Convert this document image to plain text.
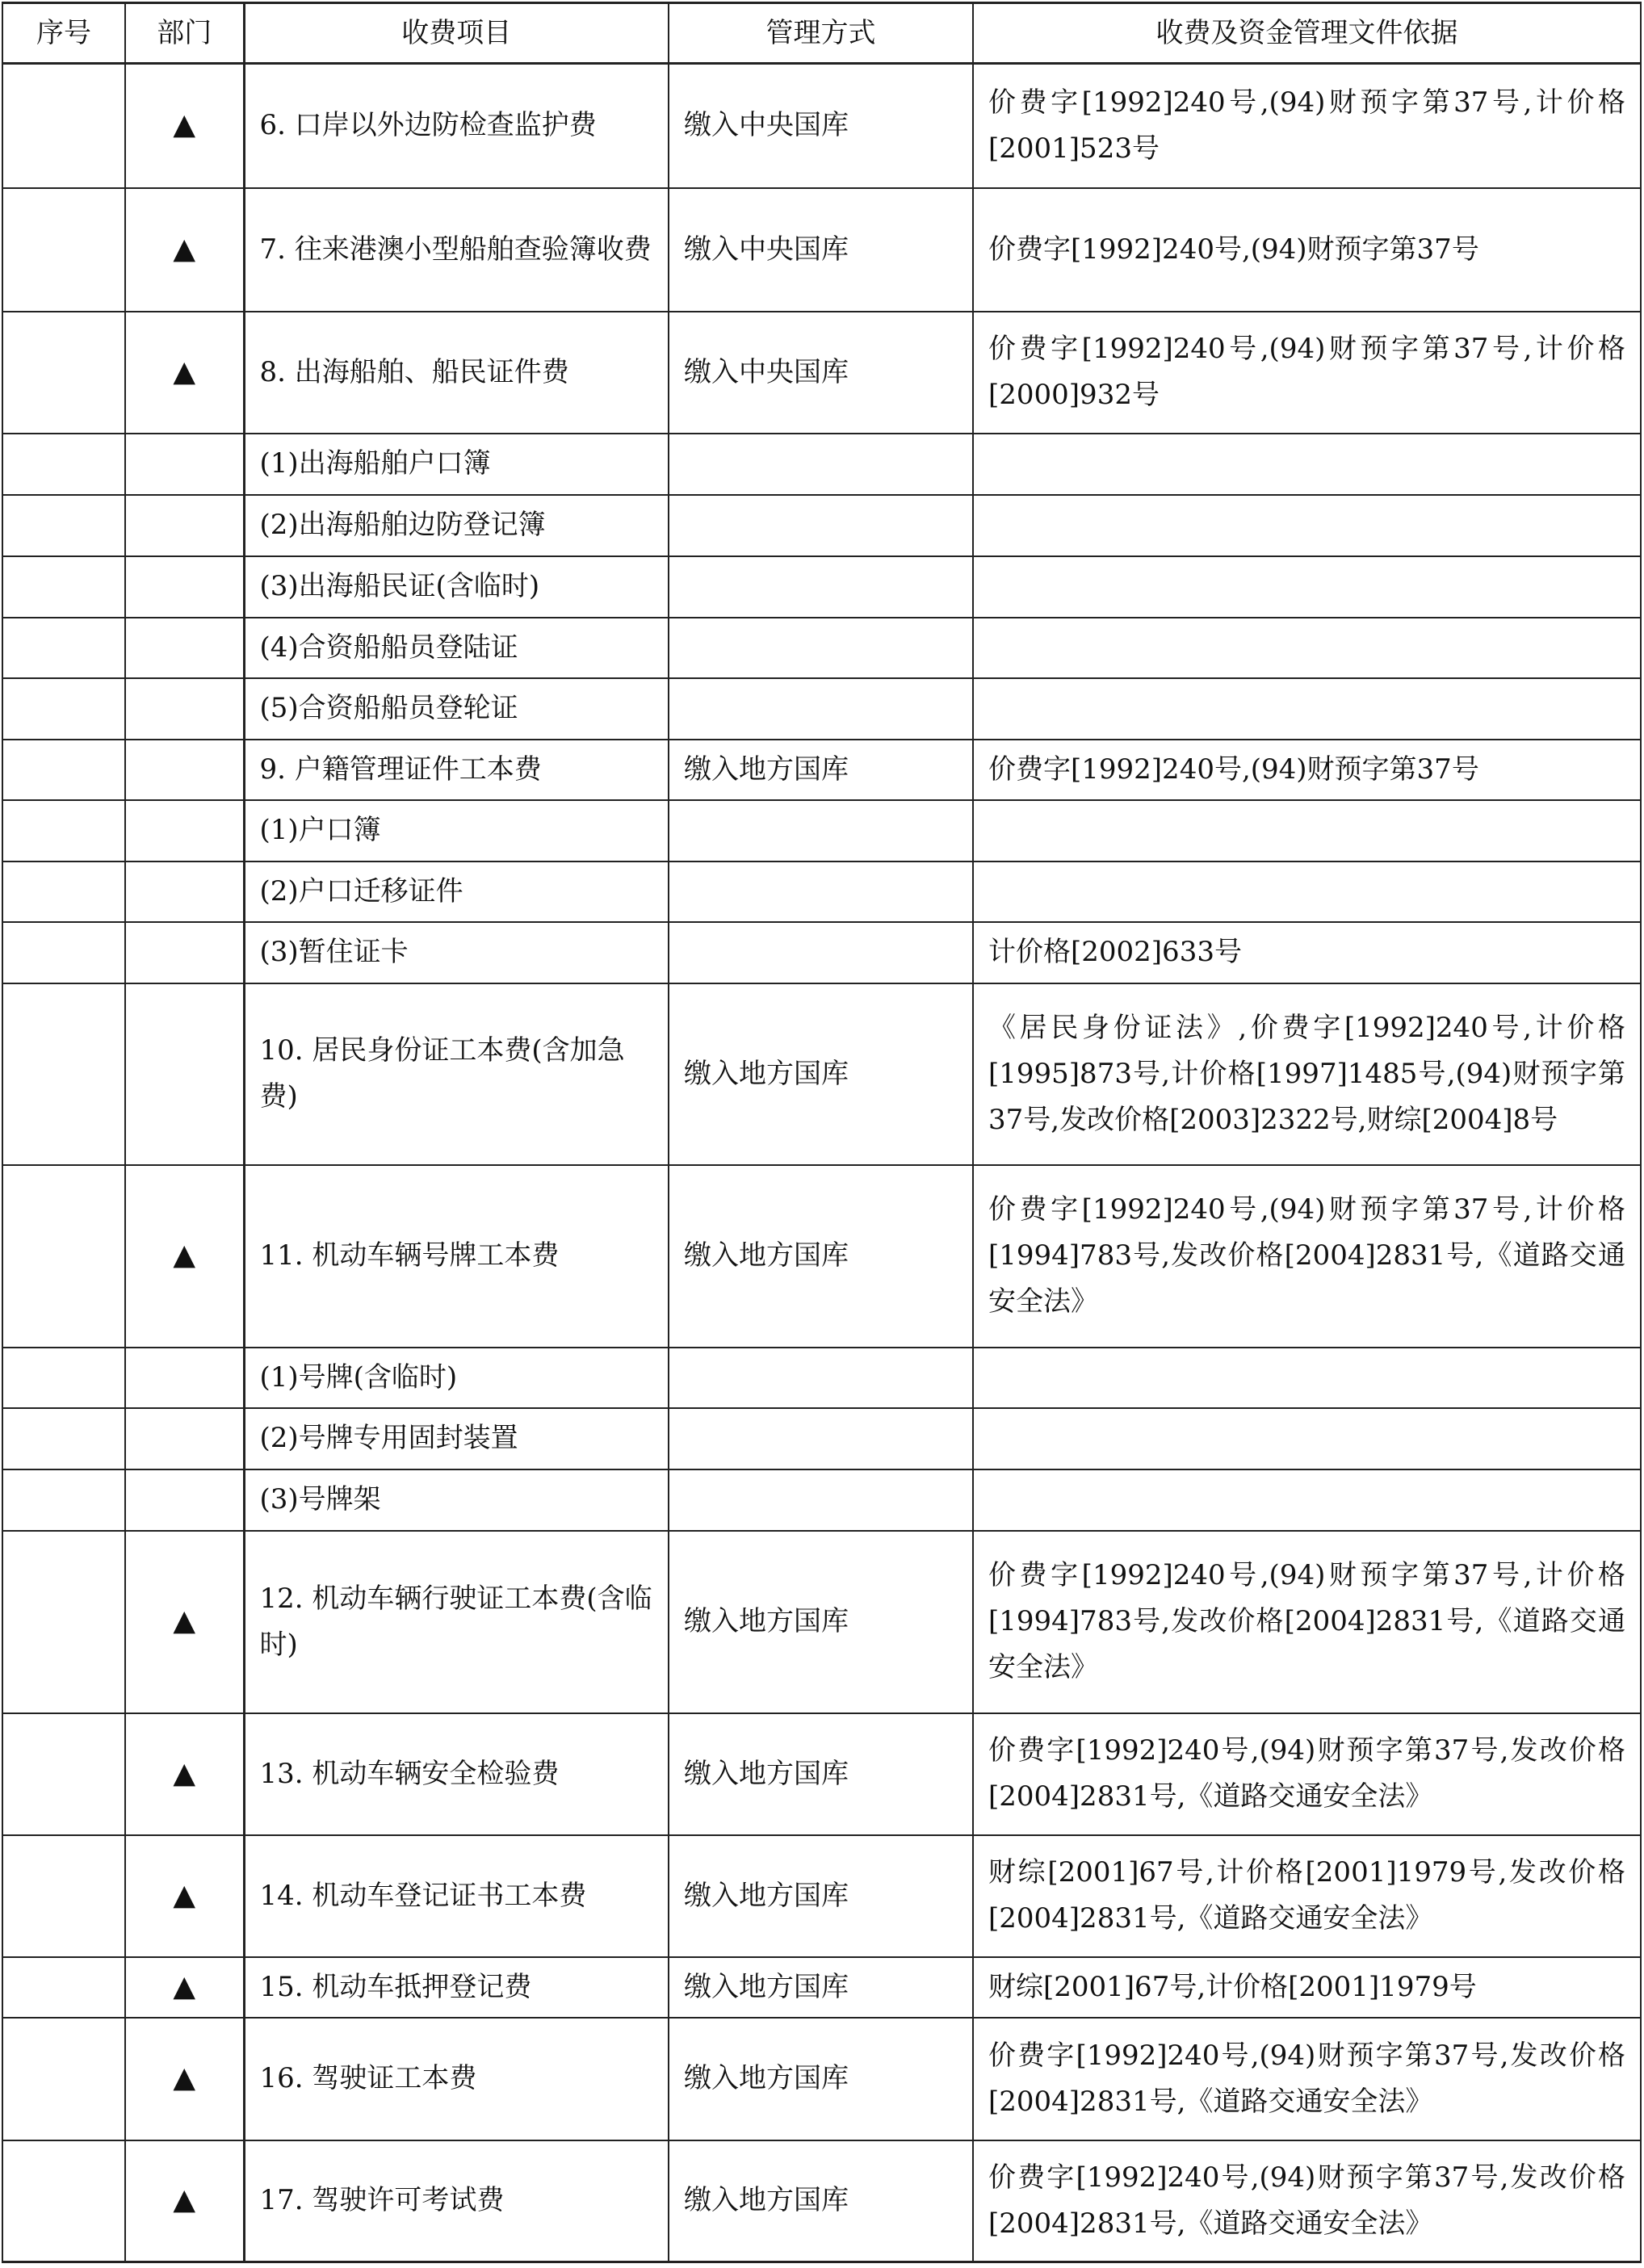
序号	部门	收费项目	管理方式	收费及资金管理文件依据
	▲	6. 口岸以外边防检查监护费	缴入中央国库	价费字[1992]240号,(94)财预字第37号,计价格[2001]523号
	▲	7. 往来港澳小型船舶查验簿收费	缴入中央国库	价费字[1992]240号,(94)财预字第37号
	▲	8. 出海船舶、船民证件费	缴入中央国库	价费字[1992]240号,(94)财预字第37号,计价格[2000]932号
		(1)出海船舶户口簿		
		(2)出海船舶边防登记簿		
		(3)出海船民证(含临时)		
		(4)合资船船员登陆证		
		(5)合资船船员登轮证		
		9. 户籍管理证件工本费	缴入地方国库	价费字[1992]240号,(94)财预字第37号
		(1)户口簿		
		(2)户口迁移证件		
		(3)暂住证卡		计价格[2002]633号
		10. 居民身份证工本费(含加急费)	缴入地方国库	《居民身份证法》,价费字[1992]240号,计价格[1995]873号,计价格[1997]1485号,(94)财预字第37号,发改价格[2003]2322号,财综[2004]8号
	▲	11. 机动车辆号牌工本费	缴入地方国库	价费字[1992]240号,(94)财预字第37号,计价格[1994]783号,发改价格[2004]2831号,《道路交通安全法》
		(1)号牌(含临时)		
		(2)号牌专用固封装置		
		(3)号牌架		
	▲	12. 机动车辆行驶证工本费(含临时)	缴入地方国库	价费字[1992]240号,(94)财预字第37号,计价格[1994]783号,发改价格[2004]2831号,《道路交通安全法》
	▲	13. 机动车辆安全检验费	缴入地方国库	价费字[1992]240号,(94)财预字第37号,发改价格[2004]2831号,《道路交通安全法》
	▲	14. 机动车登记证书工本费	缴入地方国库	财综[2001]67号,计价格[2001]1979号,发改价格[2004]2831号,《道路交通安全法》
	▲	15. 机动车抵押登记费	缴入地方国库	财综[2001]67号,计价格[2001]1979号
	▲	16. 驾驶证工本费	缴入地方国库	价费字[1992]240号,(94)财预字第37号,发改价格[2004]2831号,《道路交通安全法》
	▲	17. 驾驶许可考试费	缴入地方国库	价费字[1992]240号,(94)财预字第37号,发改价格[2004]2831号,《道路交通安全法》
